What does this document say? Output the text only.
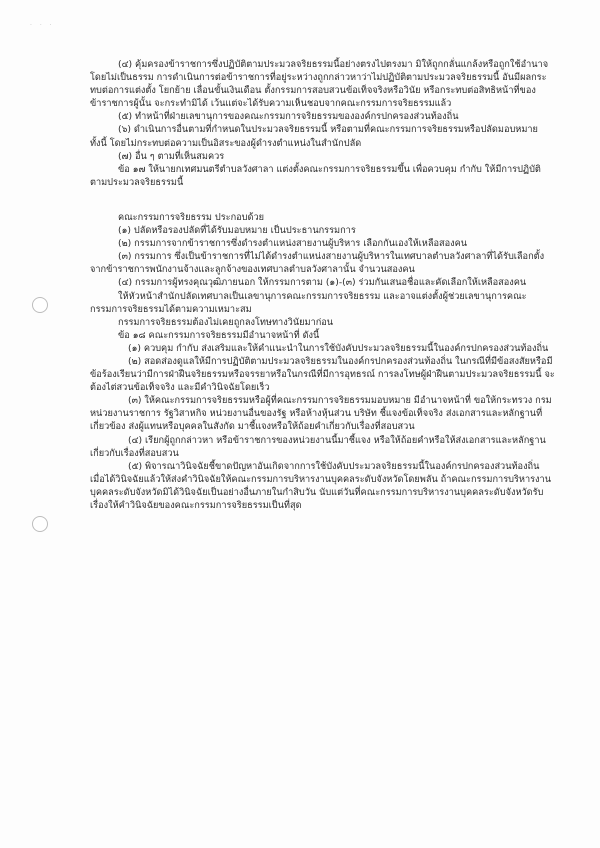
· · ·

(๔) คุ้มครองข้าราชการซึ่งปฏิบัติตามประมวลจริยธรรมนี้อย่างตรงไปตรงมา มิให้ถูกกลั่นแกล้งหรือถูกใช้อำนาจโดยไม่เป็นธรรม การดำเนินการต่อข้าราชการที่อยู่ระหว่างถูกกล่าวหาว่าไม่ปฏิบัติตามประมวลจริยธรรมนี้ อันมีผลกระทบต่อการแต่งตั้ง โยกย้าย เลื่อนขั้นเงินเดือน ตั้งกรรมการสอบสวนข้อเท็จจริงหรือวินัย หรือกระทบต่อสิทธิหน้าที่ของข้าราชการผู้นั้น จะกระทำมิได้ เว้นแต่จะได้รับความเห็นชอบจากคณะกรรมการจริยธรรมแล้ว

(๕) ทำหน้าที่ฝ่ายเลขานุการของคณะกรรมการจริยธรรมขององค์กรปกครองส่วนท้องถิ่น

(๖) ดำเนินการอื่นตามที่กำหนดในประมวลจริยธรรมนี้ หรือตามที่คณะกรรมการจริยธรรมหรือปลัดมอบหมาย ทั้งนี้ โดยไม่กระทบต่อความเป็นอิสระของผู้ดำรงตำแหน่งในสำนักปลัด

(๗) อื่น ๆ ตามที่เห็นสมควร

ข้อ ๑๗ ให้นายกเทศมนตรีตำบลวังศาลา แต่งตั้งคณะกรรมการจริยธรรมขึ้น เพื่อควบคุม กำกับ ให้มีการปฏิบัติตามประมวลจริยธรรมนี้

คณะกรรมการจริยธรรม ประกอบด้วย

(๑) ปลัดหรือรองปลัดที่ได้รับมอบหมาย เป็นประธานกรรมการ

(๒) กรรมการจากข้าราชการซึ่งดำรงตำแหน่งสายงานผู้บริหาร เลือกกันเองให้เหลือสองคน

(๓) กรรมการ ซึ่งเป็นข้าราชการที่ไม่ได้ดำรงตำแหน่งสายงานผู้บริหารในเทศบาลตำบลวังศาลาที่ได้รับเลือกตั้งจากข้าราชการพนักงานจ้างและลูกจ้างของเทศบาลตำบลวังศาลานั้น จำนวนสองคน

(๔) กรรมการผู้ทรงคุณวุฒิภายนอก ให้กรรมการตาม (๑)-(๓) ร่วมกันเสนอชื่อและคัดเลือกให้เหลือสองคน

ให้หัวหน้าสำนักปลัดเทศบาลเป็นเลขานุการคณะกรรมการจริยธรรม และอาจแต่งตั้งผู้ช่วยเลขานุการคณะกรรมการจริยธรรมได้ตามความเหมาะสม

กรรมการจริยธรรมต้องไม่เคยถูกลงโทษทางวินัยมาก่อน

ข้อ ๑๘ คณะกรรมการจริยธรรมมีอำนาจหน้าที่ ดังนี้

(๑) ควบคุม กำกับ ส่งเสริมและให้คำแนะนำในการใช้บังคับประมวลจริยธรรมนี้ในองค์กรปกครองส่วนท้องถิ่น

(๒) สอดส่องดูแลให้มีการปฏิบัติตามประมวลจริยธรรมในองค์กรปกครองส่วนท้องถิ่น ในกรณีที่มีข้อสงสัยหรือมีข้อร้องเรียนว่ามีการฝ่าฝืนจริยธรรมหรือจรรยาหรือในกรณีที่มีการอุทธรณ์ การลงโทษผู้ฝ่าฝืนตามประมวลจริยธรรมนี้ จะต้องไต่สวนข้อเท็จจริง และมีคำวินิจฉัยโดยเร็ว

(๓) ให้คณะกรรมการจริยธรรมหรือผู้ที่คณะกรรมการจริยธรรมมอบหมาย มีอำนาจหน้าที่ ขอให้กระทรวง กรม หน่วยงานราชการ รัฐวิสาหกิจ หน่วยงานอื่นของรัฐ หรือห้างหุ้นส่วน บริษัท ชี้แจงข้อเท็จจริง ส่งเอกสารและหลักฐานที่เกี่ยวข้อง ส่งผู้แทนหรือบุคคลในสังกัด มาชี้แจงหรือให้ถ้อยคำเกี่ยวกับเรื่องที่สอบสวน

(๔) เรียกผู้ถูกกล่าวหา หรือข้าราชการของหน่วยงานนี้มาชี้แจง หรือให้ถ้อยคำหรือให้ส่งเอกสารและหลักฐานเกี่ยวกับเรื่องที่สอบสวน

(๕) พิจารณาวินิจฉัยชี้ขาดปัญหาอันเกิดจากการใช้บังคับประมวลจริยธรรมนี้ในองค์กรปกครองส่วนท้องถิ่น เมื่อได้วินิจฉัยแล้วให้ส่งคำวินิจฉัยให้คณะกรรมการบริหารงานบุคคลระดับจังหวัดโดยพลัน ถ้าคณะกรรมการบริหารงานบุคคลระดับจังหวัดมิได้วินิจฉัยเป็นอย่างอื่นภายในกำสิบวัน นับแต่วันที่คณะกรรมการบริหารงานบุคคลระดับจังหวัดรับเรื่องให้คำวินิจฉัยของคณะกรรมการจริยธรรมเป็นที่สุด
